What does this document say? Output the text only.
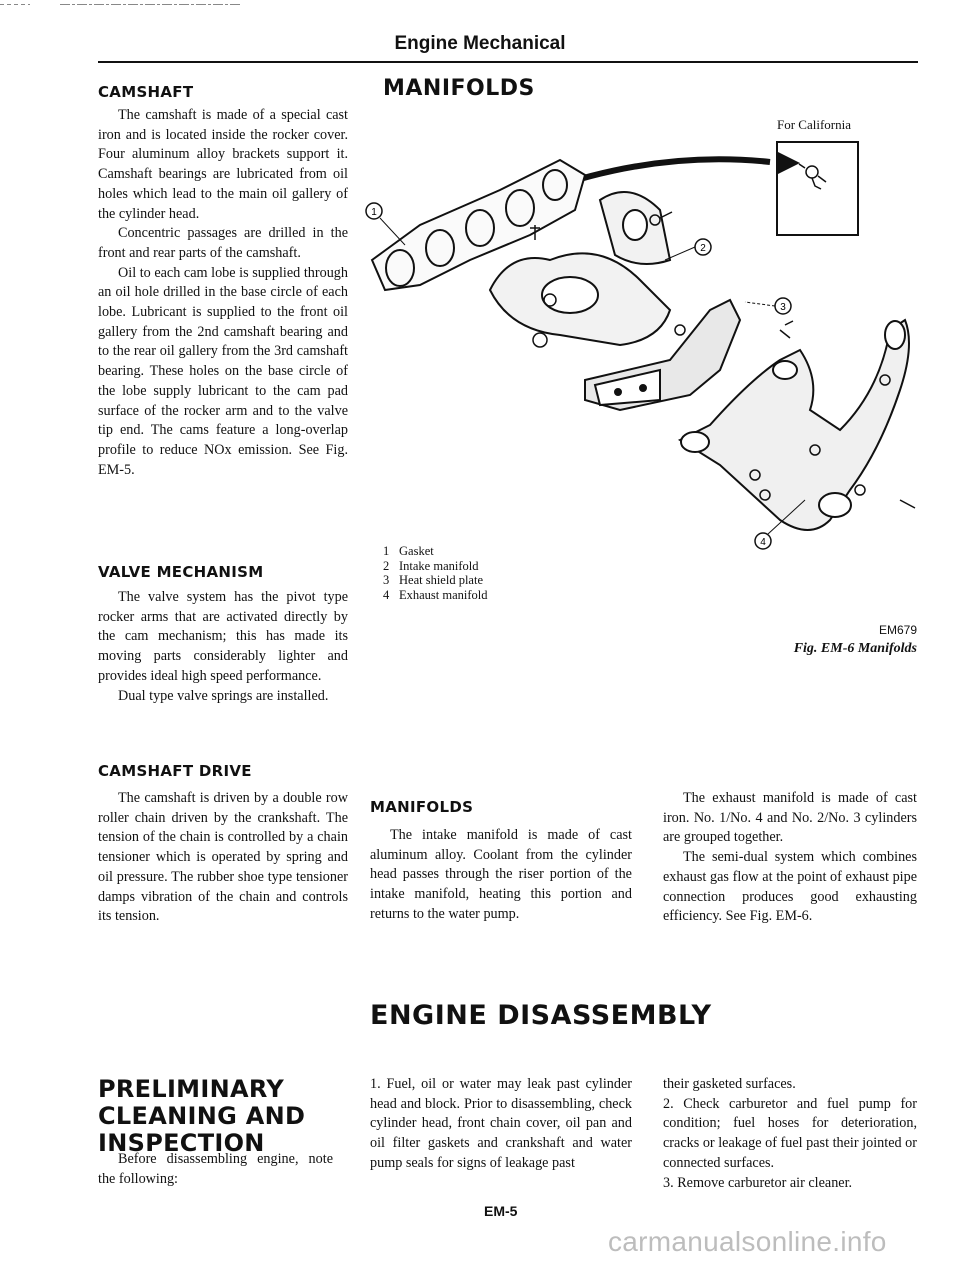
Engine Mechanical
CAMSHAFT

The camshaft is made of a special cast iron and is located inside the rocker cover. Four aluminum alloy brackets support it. Camshaft bearings are lubricated from oil holes which lead to the main oil gallery of the cylinder head.

Concentric passages are drilled in the front and rear parts of the camshaft.

Oil to each cam lobe is supplied through an oil hole drilled in the base circle of each lobe. Lubricant is supplied to the front oil gallery from the 2nd camshaft bearing and to the rear oil gallery from the 3rd camshaft bearing. These holes on the base circle of the lobe supply lubricant to the cam pad surface of the rocker arm and to the valve tip end. The cams feature a long-overlap profile to reduce NOx emission. See Fig. EM-5.

VALVE MECHANISM

The valve system has the pivot type rocker arms that are activated directly by the cam mechanism; this has made its moving parts considerably lighter and provides ideal high speed performance.

Dual type valve springs are installed.

CAMSHAFT DRIVE

The camshaft is driven by a double row roller chain driven by the crankshaft. The tension of the chain is controlled by a chain tensioner which is operated by spring and oil pressure. The rubber shoe type tensioner damps vibration of the chain and controls its tension.

PRELIMINARY
CLEANING AND
INSPECTION

Before disassembling engine, note the following:

MANIFOLDS
For California
1
2
3
4
1 Gasket
2 Intake manifold
3 Heat shield plate
4 Exhaust manifold
EM679
Fig. EM-6 Manifolds
MANIFOLDS

The intake manifold is made of cast aluminum alloy. Coolant from the cylinder head passes through the riser portion of the intake manifold, heating this portion and returns to the water pump.

The exhaust manifold is made of cast iron. No. 1/No. 4 and No. 2/No. 3 cylinders are grouped together.

The semi-dual system which combines exhaust gas flow at the point of exhaust pipe connection produces good exhausting efficiency. See Fig. EM-6.

ENGINE DISASSEMBLY

1. Fuel, oil or water may leak past cylinder head and block. Prior to disassembling, check cylinder head, front chain cover, oil pan and oil filter gaskets and crankshaft and water pump seals for signs of leakage past

their gasketed surfaces.

2. Check carburetor and fuel pump for condition; fuel hoses for deterioration, cracks or leakage of fuel past their jointed or connected surfaces.

3. Remove carburetor air cleaner.

EM-5
carmanualsonline.info
